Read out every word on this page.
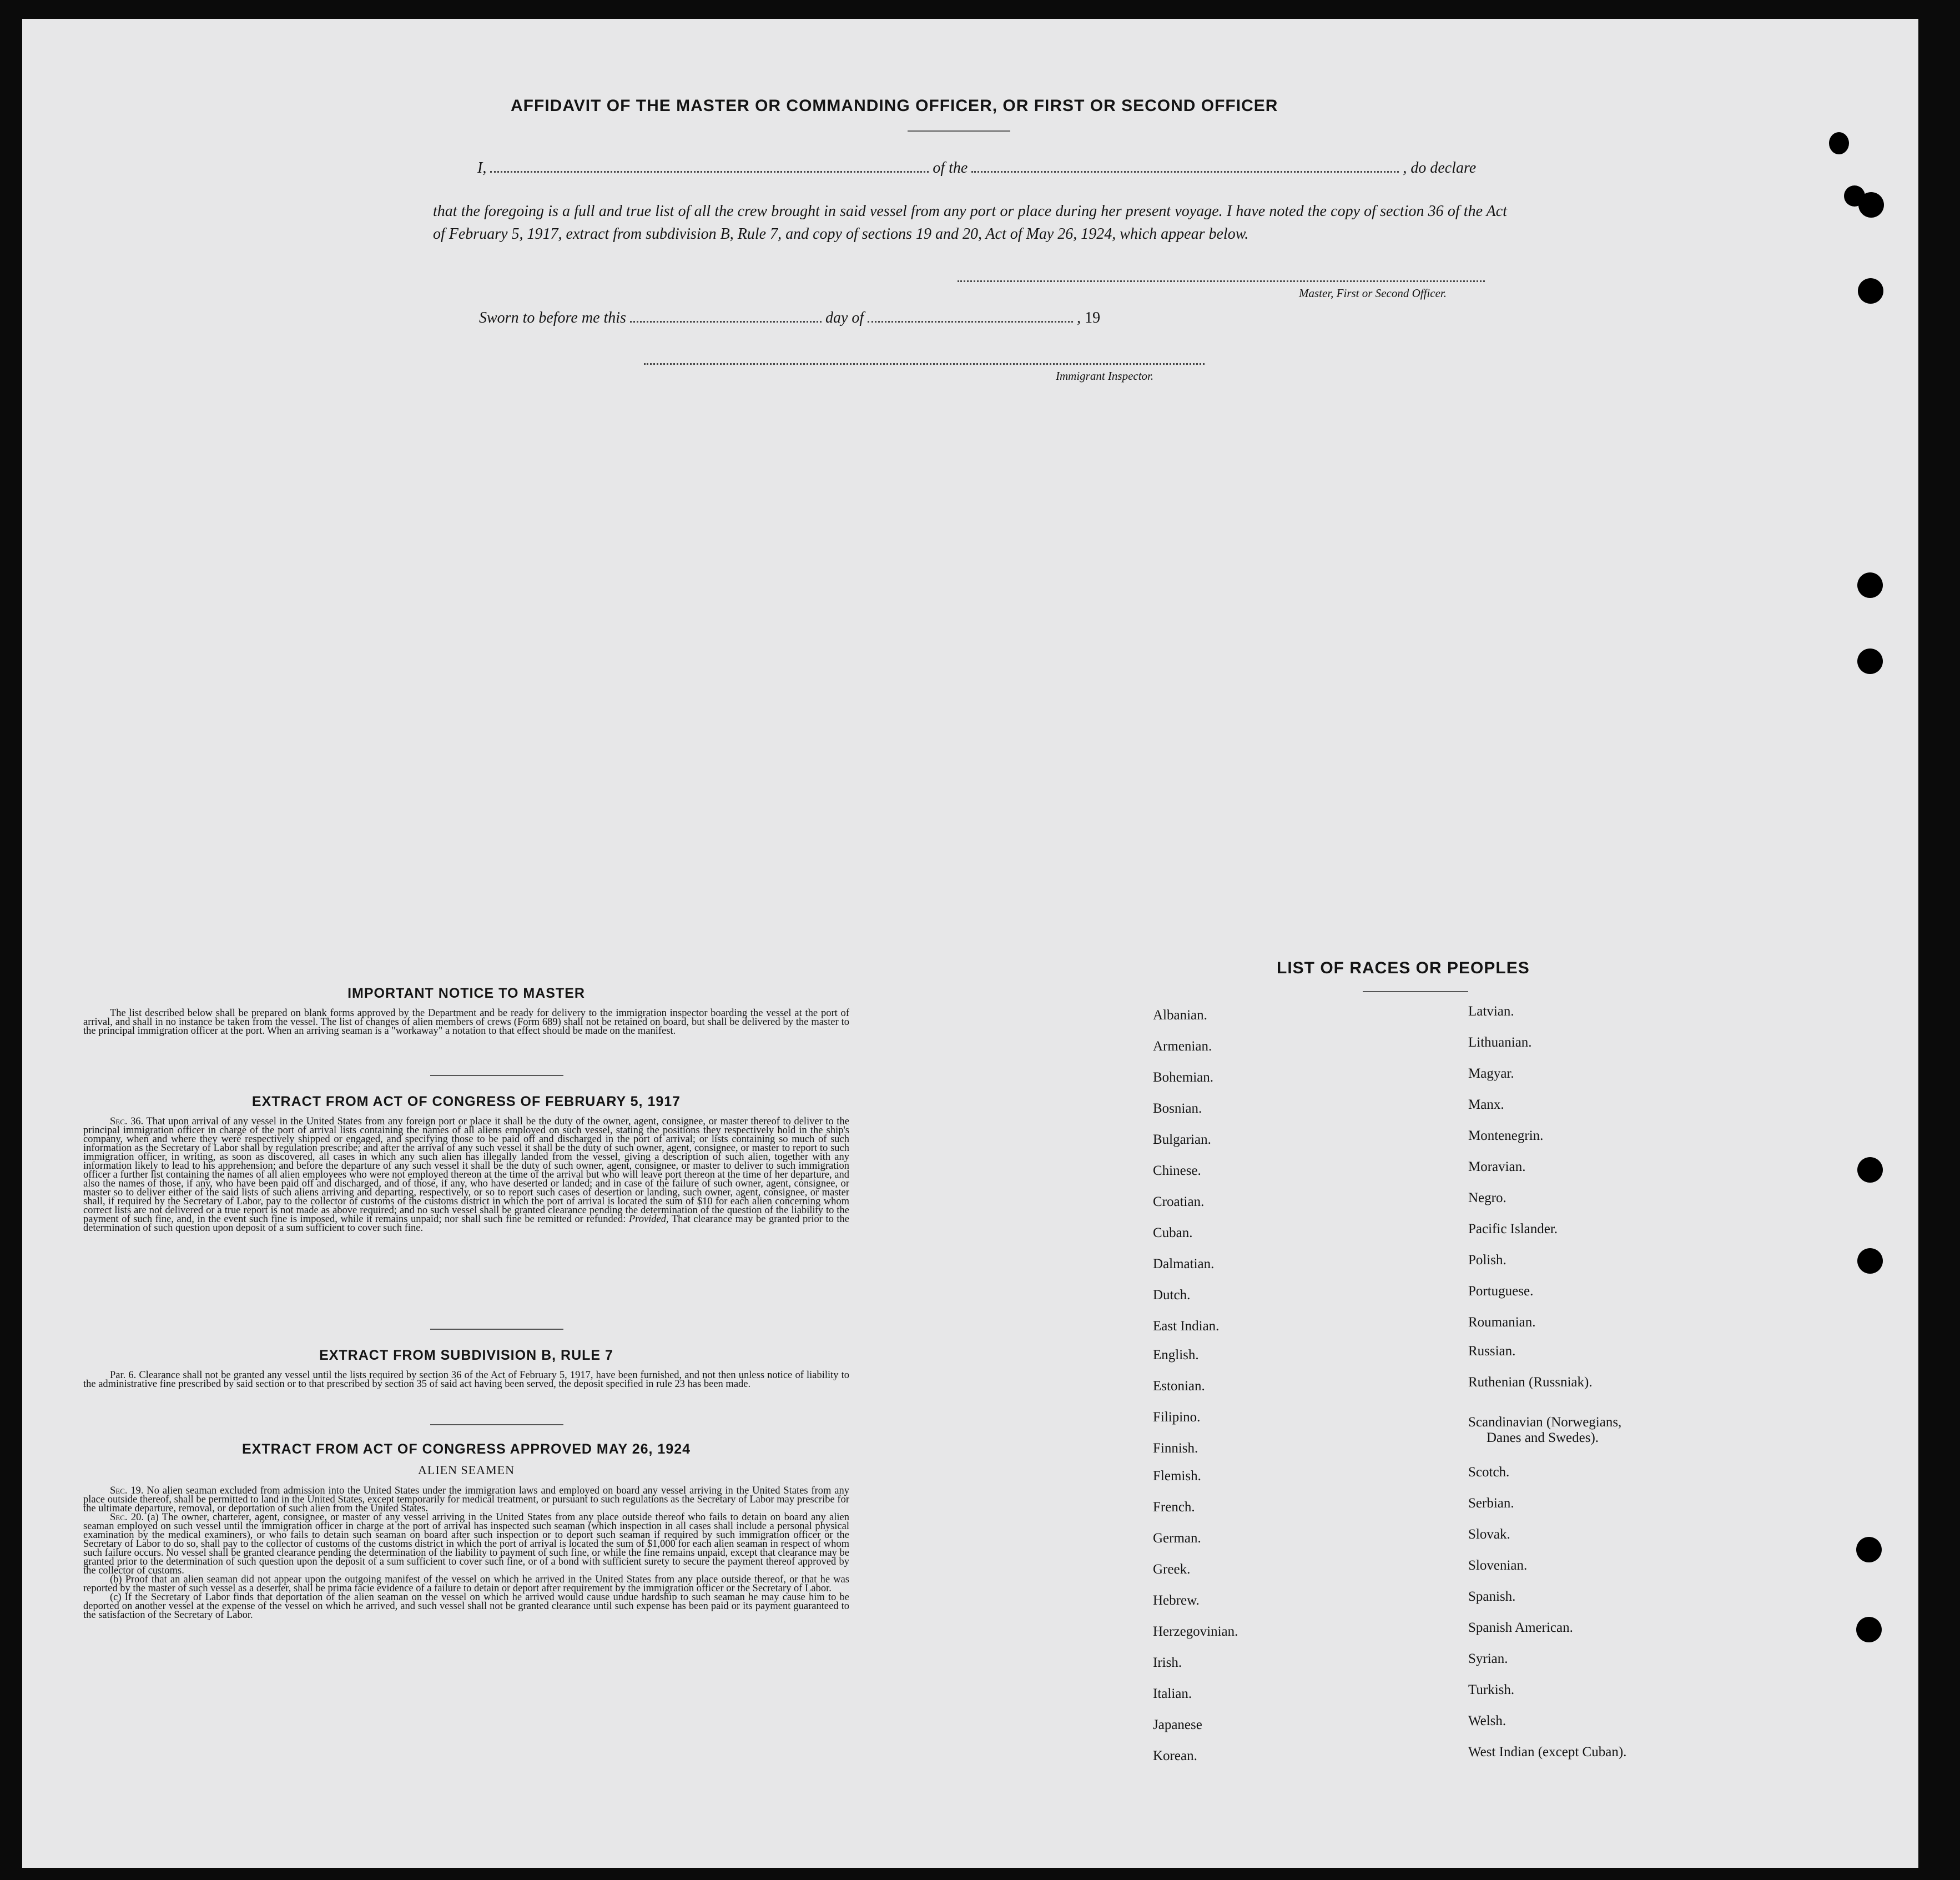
AFFIDAVIT OF THE MASTER OR COMMANDING OFFICER, OR FIRST OR SECOND OFFICER
I,	of the	, do declare
that the foregoing is a full and true list of all the crew brought in said vessel from any port or place during her present voyage. I have noted the copy of section 36 of the Act of February 5, 1917, extract from subdivision B, Rule 7, and copy of sections 19 and 20, Act of May 26, 1924, which appear below.
Master, First or Second Officer.
Sworn to before me this	day of	, 19
Immigrant Inspector.
IMPORTANT NOTICE TO MASTER

The list described below shall be prepared on blank forms approved by the Department and be ready for delivery to the immigration inspector boarding the vessel at the port of arrival, and shall in no instance be taken from the vessel. The list of changes of alien members of crews (Form 689) shall not be retained on board, but shall be delivered by the master to the principal immigration officer at the port. When an arriving seaman is a "workaway" a notation to that effect should be made on the manifest.

EXTRACT FROM ACT OF CONGRESS OF FEBRUARY 5, 1917

Sec. 36. That upon arrival of any vessel in the United States from any foreign port or place it shall be the duty of the owner, agent, consignee, or master thereof to deliver to the principal immigration officer in charge of the port of arrival lists containing the names of all aliens employed on such vessel, stating the positions they respectively hold in the ship's company, when and where they were respectively shipped or engaged, and specifying those to be paid off and discharged in the port of arrival; or lists containing so much of such information as the Secretary of Labor shall by regulation prescribe; and after the arrival of any such vessel it shall be the duty of such owner, agent, consignee, or master to report to such immigration officer, in writing, as soon as discovered, all cases in which any such alien has illegally landed from the vessel, giving a description of such alien, together with any information likely to lead to his apprehension; and before the departure of any such vessel it shall be the duty of such owner, agent, consignee, or master to deliver to such immigration officer a further list containing the names of all alien employees who were not employed thereon at the time of the arrival but who will leave port thereon at the time of her departure, and also the names of those, if any, who have been paid off and discharged, and of those, if any, who have deserted or landed; and in case of the failure of such owner, agent, consignee, or master so to deliver either of the said lists of such aliens arriving and departing, respectively, or so to report such cases of desertion or landing, such owner, agent, consignee, or master shall, if required by the Secretary of Labor, pay to the collector of customs of the customs district in which the port of arrival is located the sum of $10 for each alien concerning whom correct lists are not delivered or a true report is not made as above required; and no such vessel shall be granted clearance pending the determination of the question of the liability to the payment of such fine, and, in the event such fine is imposed, while it remains unpaid; nor shall such fine be remitted or refunded: Provided, That clearance may be granted prior to the determination of such question upon deposit of a sum sufficient to cover such fine.

EXTRACT FROM SUBDIVISION B, RULE 7

Par. 6. Clearance shall not be granted any vessel until the lists required by section 36 of the Act of February 5, 1917, have been furnished, and not then unless notice of liability to the administrative fine prescribed by said section or to that prescribed by section 35 of said act having been served, the deposit specified in rule 23 has been made.

EXTRACT FROM ACT OF CONGRESS APPROVED MAY 26, 1924
ALIEN SEAMEN

Sec. 19. No alien seaman excluded from admission into the United States under the immigration laws and employed on board any vessel arriving in the United States from any place outside thereof, shall be permitted to land in the United States, except temporarily for medical treatment, or pursuant to such regulations as the Secretary of Labor may prescribe for the ultimate departure, removal, or deportation of such alien from the United States.

Sec. 20. (a) The owner, charterer, agent, consignee, or master of any vessel arriving in the United States from any place outside thereof who fails to detain on board any alien seaman employed on such vessel until the immigration officer in charge at the port of arrival has inspected such seaman (which inspection in all cases shall include a personal physical examination by the medical examiners), or who fails to detain such seaman on board after such inspection or to deport such seaman if required by such immigration officer or the Secretary of Labor to do so, shall pay to the collector of customs of the customs district in which the port of arrival is located the sum of $1,000 for each alien seaman in respect of whom such failure occurs. No vessel shall be granted clearance pending the determination of the liability to payment of such fine, or while the fine remains unpaid, except that clearance may be granted prior to the determination of such question upon the deposit of a sum sufficient to cover such fine, or of a bond with sufficient surety to secure the payment thereof approved by the collector of customs.

(b) Proof that an alien seaman did not appear upon the outgoing manifest of the vessel on which he arrived in the United States from any place outside thereof, or that he was reported by the master of such vessel as a deserter, shall be prima facie evidence of a failure to detain or deport after requirement by the immigration officer or the Secretary of Labor.

(c) If the Secretary of Labor finds that deportation of the alien seaman on the vessel on which he arrived would cause undue hardship to such seaman he may cause him to be deported on another vessel at the expense of the vessel on which he arrived, and such vessel shall not be granted clearance until such expense has been paid or its payment guaranteed to the satisfaction of the Secretary of Labor.

LIST OF RACES OR PEOPLES
Albanian.
Armenian.
Bohemian.
Bosnian.
Bulgarian.
Chinese.
Croatian.
Cuban.
Dalmatian.
Dutch.
East Indian.
English.
Estonian.
Filipino.
Finnish.
Flemish.
French.
German.
Greek.
Hebrew.
Herzegovinian.
Irish.
Italian.
Japanese
Korean.
Latvian.
Lithuanian.
Magyar.
Manx.
Montenegrin.
Moravian.
Negro.
Pacific Islander.
Polish.
Portuguese.
Roumanian.
Russian.
Ruthenian (Russniak).
Scandinavian (Norwegians,
Danes and Swedes).
Scotch.
Serbian.
Slovak.
Slovenian.
Spanish.
Spanish American.
Syrian.
Turkish.
Welsh.
West Indian (except Cuban).
